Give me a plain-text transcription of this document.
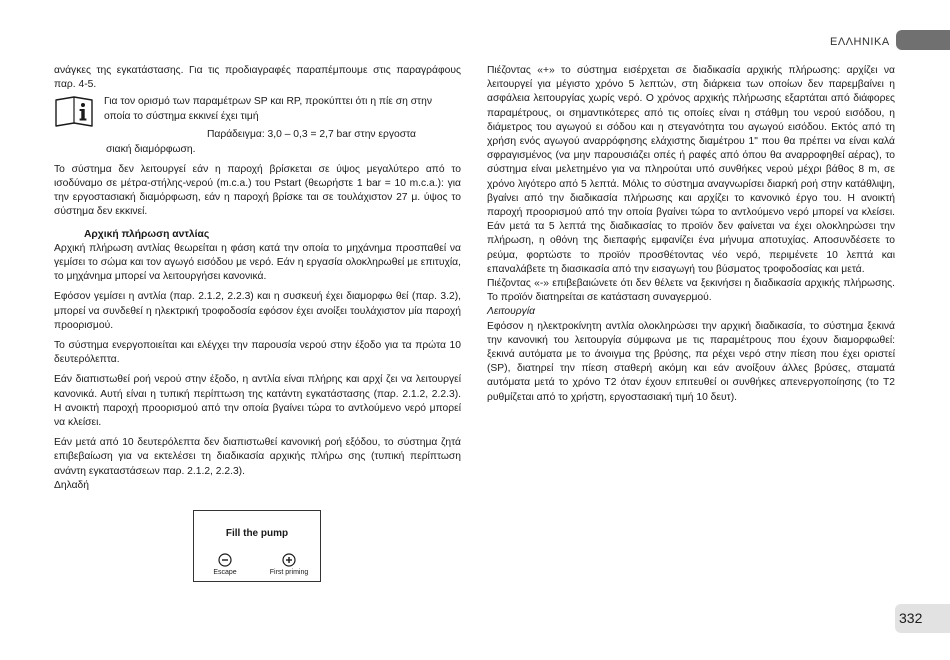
ΕΛΛΗΝΙΚΑ

ανάγκες της εγκατάστασης. Για τις προδιαγραφές παραπέμπουμε στις παραγράφους παρ. 4-5.

Για τον ορισμό των παραμέτρων SP και RP, προκύπτει ότι η πίε ση στην οποία το σύστημα εκκινεί έχει τιμή

Παράδειγμα: 3,0 – 0,3 = 2,7 bar στην εργοστα

σιακή διαμόρφωση.

Το σύστημα δεν λειτουργεί εάν η παροχή βρίσκεται σε ύψος μεγαλύτερο από το ισοδύναμο σε μέτρα-στήλης-νερού (m.c.a.) του Pstart (θεωρήστε 1 bar = 10 m.c.a.): για την εργοστασιακή διαμόρφωση, εάν η παροχή βρίσκε ται σε τουλάχιστον 27 μ. ύψος το σύστημα δεν εκκινεί.

Αρχική πλήρωση αντλίας

Αρχική πλήρωση αντλίας θεωρείται η φάση κατά την οποία το μηχάνημα προσπαθεί να γεμίσει το σώμα και τον αγωγό εισόδου με νερό. Εάν η εργασία ολοκληρωθεί με επιτυχία, το μηχάνημα μπορεί να λειτουργήσει κανονικά.

Εφόσον γεμίσει η αντλία (παρ. 2.1.2, 2.2.3) και η συσκευή έχει διαμορφω θεί (παρ. 3.2), μπορεί να συνδεθεί η ηλεκτρική τροφοδοσία εφόσον έχει ανοίξει τουλάχιστον μία παροχή προορισμού.

Το σύστημα ενεργοποιείται και ελέγχει την παρουσία νερού στην έξοδο για τα πρώτα 10 δευτερόλεπτα.

Εάν διαπιστωθεί ροή νερού στην έξοδο, η αντλία είναι πλήρης και αρχί ζει να λειτουργεί κανονικά. Αυτή είναι η τυπική περίπτωση της κατάντη εγκατάστασης (παρ. 2.1.2, 2.2.3). Η ανοικτή παροχή προορισμού από την οποία βγαίνει τώρα το αντλούμενο νερό μπορεί να κλείσει.

Εάν μετά από 10 δευτερόλεπτα δεν διαπιστωθεί κανονική ροή εξόδου, το σύστημα ζητά επιβεβαίωση για να εκτελέσει τη διαδικασία αρχικής πλήρω σης (τυπική περίπτωση ανάντη εγκαταστάσεων παρ. 2.1.2, 2.2.3).

Δηλαδή

Fill the pump
Escape	First priming

Πιέζοντας «+» το σύστημα εισέρχεται σε διαδικασία αρχικής πλήρωσης: αρχίζει να λειτουργεί για μέγιστο χρόνο 5 λεπτών, στη διάρκεια των οποίων δεν παρεμβαίνει η ασφάλεια λειτουργίας χωρίς νερό. Ο χρόνος αρχικής πλήρωσης εξαρτάται από διάφορες παραμέτρους, οι σημαντικότερες από τις οποίες είναι η στάθμη του νερού εισόδου, η διάμετρος του αγωγού ει σόδου και η στεγανότητα του αγωγού εισόδου. Εκτός από τη χρήση ενός αγωγού αναρρόφησης ελάχιστης διαμέτρου 1" που θα πρέπει να είναι καλά σφραγισμένος (να μην παρουσιάζει οπές ή ραφές από όπου θα αναρροφηθεί αέρας), το σύστημα είναι μελετημένο για να πληρούται υπό συνθήκες νερού μέχρι βάθος 8 m, σε χρόνο λιγότερο από 5 λεπτά. Μόλις το σύστημα αναγνωρίσει διαρκή ροή στην κατάθλιψη, βγαίνει από την διαδικασία πλήρωσης και αρχίζει το κανονικό έργο του. Η ανοικτή παροχή προορισμού από την οποία βγαίνει τώρα το αντλούμενο νερό μπορεί να κλείσει. Εάν μετά τα 5 λεπτά της διαδικασίας το προϊόν δεν φαίνεται να έχει ολοκληρώσει την πλήρωση, η οθόνη της διεπαφής εμφανίζει ένα μήνυμα αποτυχίας. Αποσυνδέσετε το ρεύμα, φορτώστε το προϊόν προσθέτοντας νέο νερό, περιμένετε 10 λεπτά και επαναλάβετε τη διασικασία από την εισαγωγή του βύσματος τροφοδοσίας και μετά.

Πιέζοντας «-» επιβεβαιώνετε ότι δεν θέλετε να ξεκινήσει η διαδικασία αρχικής πλήρωσης. Το προϊόν διατηρείται σε κατάσταση συναγερμού.

Λειτουργία

Εφόσον η ηλεκτροκίνητη αντλία ολοκληρώσει την αρχική διαδικασία, το σύστημα ξεκινά την κανονική του λειτουργία σύμφωνα με τις παραμέτρους που έχουν διαμορφωθεί: ξεκινά αυτόματα με το άνοιγμα της βρύσης, πα ρέχει νερό στην πίεση που έχει οριστεί (SP), διατηρεί την πίεση σταθερή ακόμη και εάν ανοίξουν άλλες βρύσες, σταματά αυτόματα μετά το χρόνο T2 όταν έχουν επιτευθεί οι συνθήκες απενεργοποίησης (το T2 ρυθμίζεται από το χρήστη, εργοστασιακή τιμή 10 δευτ).

332
